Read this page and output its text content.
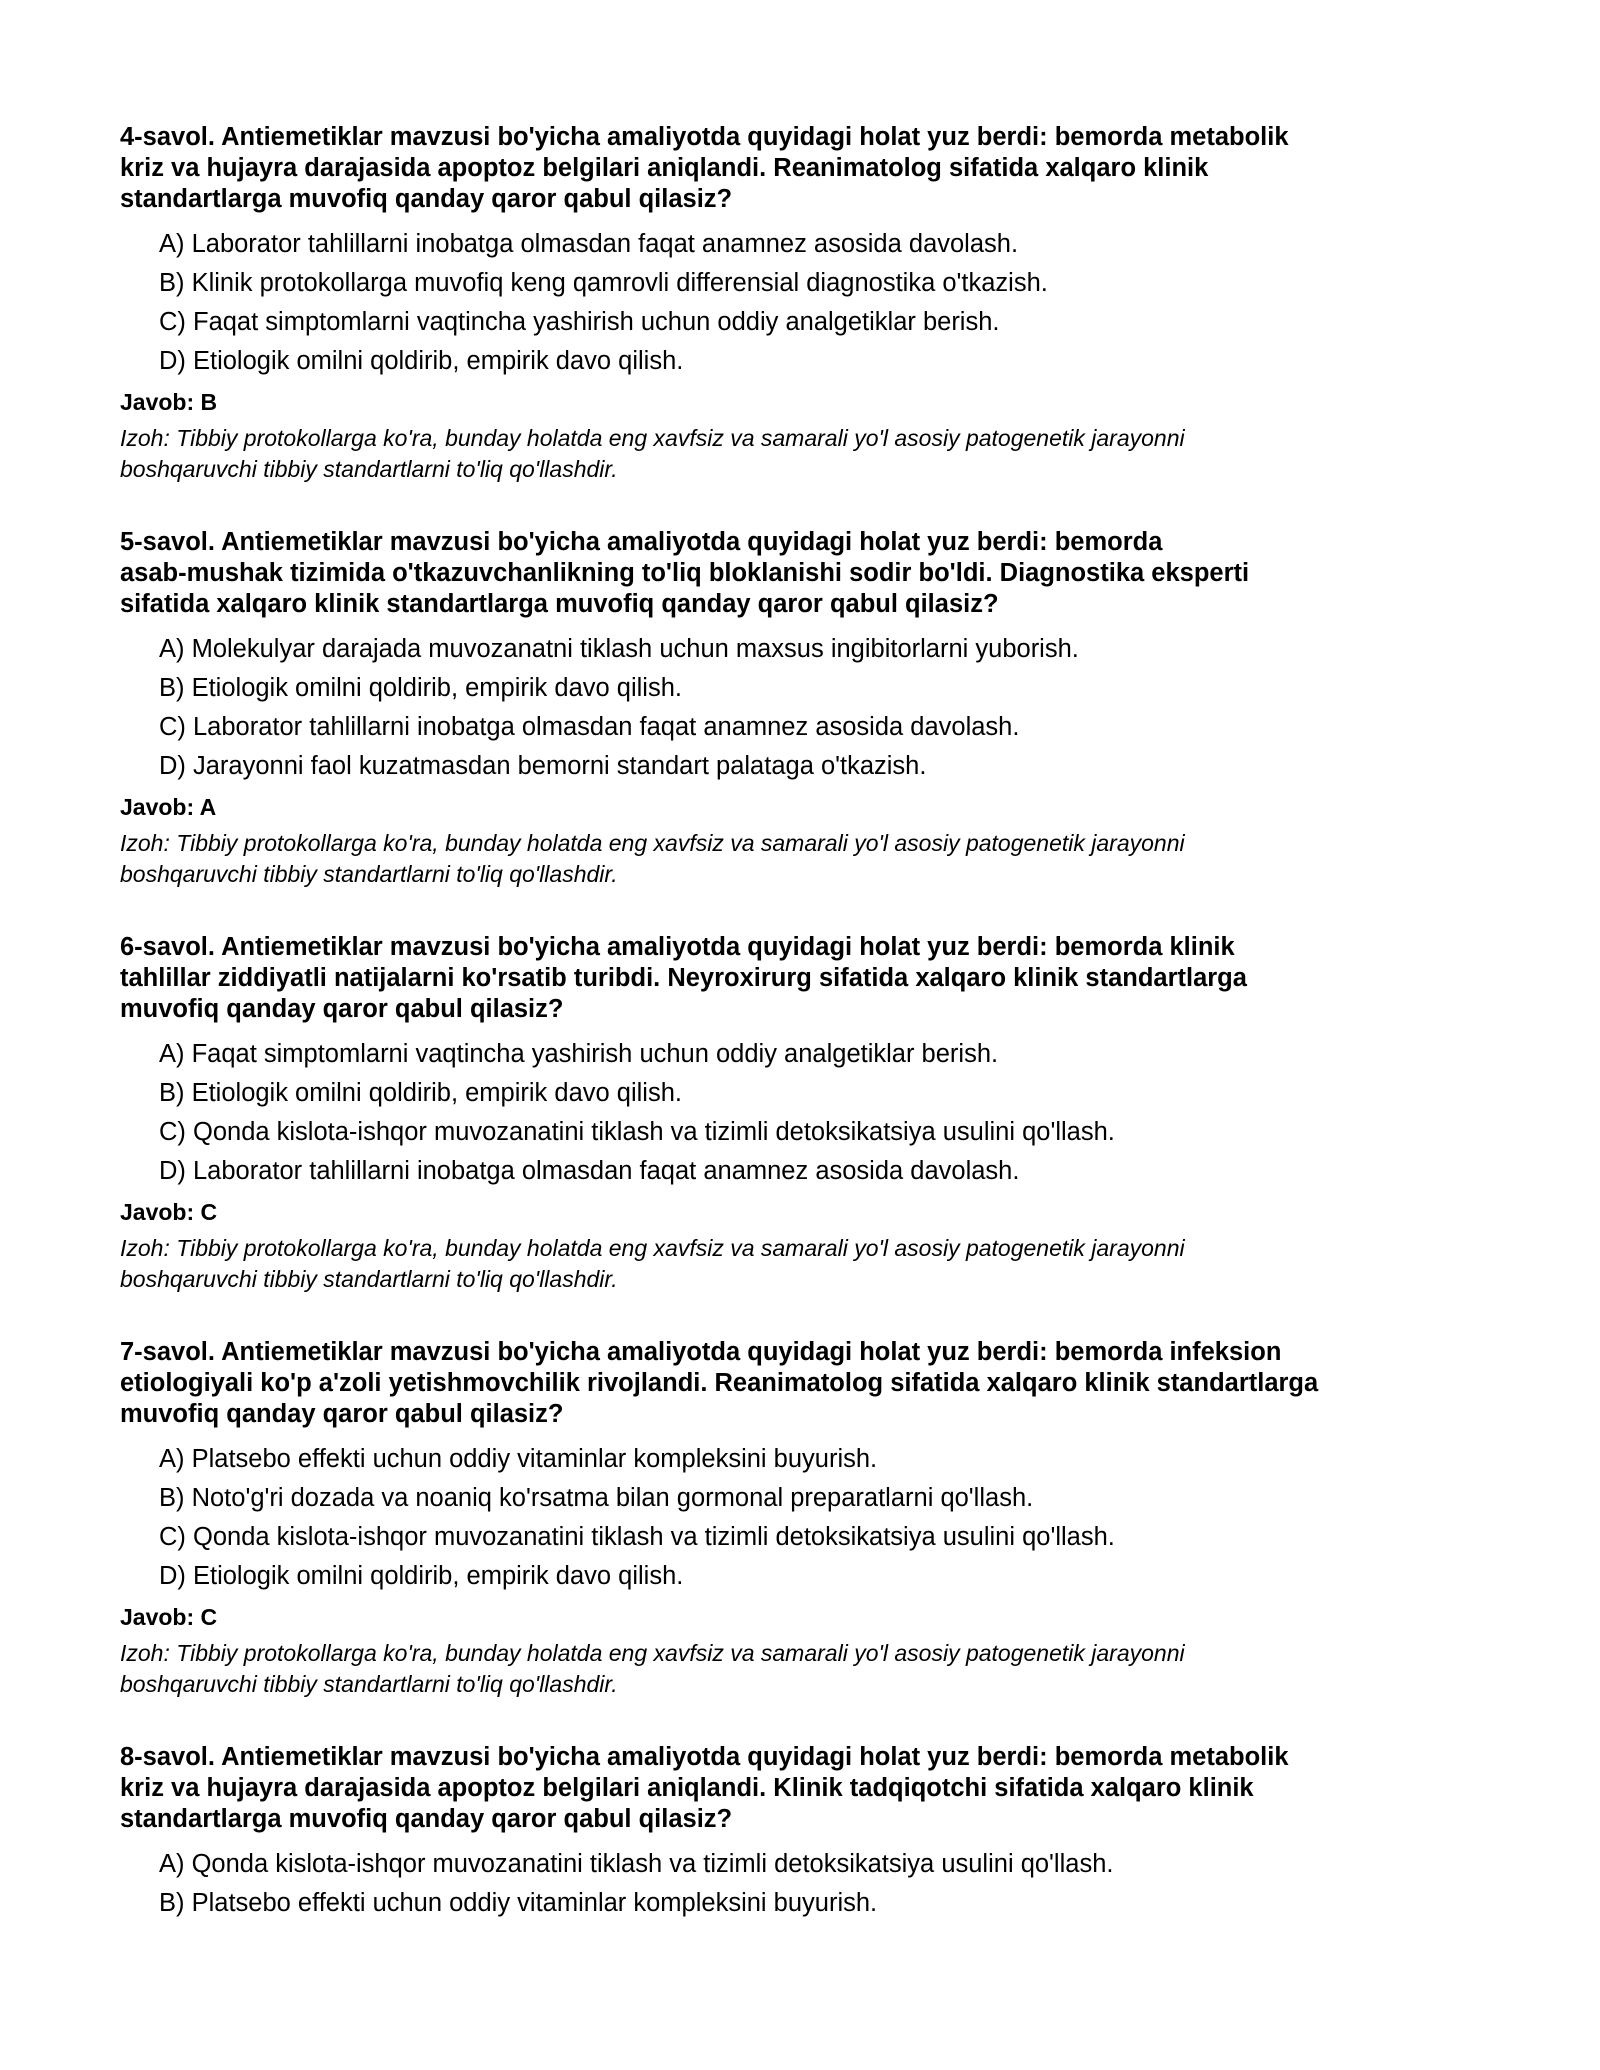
4-savol. Antiemetiklar mavzusi bo'yicha amaliyotda quyidagi holat yuz berdi: bemorda metabolik
kriz va hujayra darajasida apoptoz belgilari aniqlandi. Reanimatolog sifatida xalqaro klinik
standartlarga muvofiq qanday qaror qabul qilasiz?

A) Laborator tahlillarni inobatga olmasdan faqat anamnez asosida davolash.
B) Klinik protokollarga muvofiq keng qamrovli differensial diagnostika o'tkazish.
C) Faqat simptomlarni vaqtincha yashirish uchun oddiy analgetiklar berish.
D) Etiologik omilni qoldirib, empirik davo qilish.

Javob: B

Izoh: Tibbiy protokollarga ko'ra, bunday holatda eng xavfsiz va samarali yo'l asosiy patogenetik jarayonni
boshqaruvchi tibbiy standartlarni to'liq qo'llashdir.

5-savol. Antiemetiklar mavzusi bo'yicha amaliyotda quyidagi holat yuz berdi: bemorda
asab-mushak tizimida o'tkazuvchanlikning to'liq bloklanishi sodir bo'ldi. Diagnostika eksperti
sifatida xalqaro klinik standartlarga muvofiq qanday qaror qabul qilasiz?

A) Molekulyar darajada muvozanatni tiklash uchun maxsus ingibitorlarni yuborish.
B) Etiologik omilni qoldirib, empirik davo qilish.
C) Laborator tahlillarni inobatga olmasdan faqat anamnez asosida davolash.
D) Jarayonni faol kuzatmasdan bemorni standart palataga o'tkazish.

Javob: A

Izoh: Tibbiy protokollarga ko'ra, bunday holatda eng xavfsiz va samarali yo'l asosiy patogenetik jarayonni
boshqaruvchi tibbiy standartlarni to'liq qo'llashdir.

6-savol. Antiemetiklar mavzusi bo'yicha amaliyotda quyidagi holat yuz berdi: bemorda klinik
tahlillar ziddiyatli natijalarni ko'rsatib turibdi. Neyroxirurg sifatida xalqaro klinik standartlarga
muvofiq qanday qaror qabul qilasiz?

A) Faqat simptomlarni vaqtincha yashirish uchun oddiy analgetiklar berish.
B) Etiologik omilni qoldirib, empirik davo qilish.
C) Qonda kislota-ishqor muvozanatini tiklash va tizimli detoksikatsiya usulini qo'llash.
D) Laborator tahlillarni inobatga olmasdan faqat anamnez asosida davolash.

Javob: C

Izoh: Tibbiy protokollarga ko'ra, bunday holatda eng xavfsiz va samarali yo'l asosiy patogenetik jarayonni
boshqaruvchi tibbiy standartlarni to'liq qo'llashdir.

7-savol. Antiemetiklar mavzusi bo'yicha amaliyotda quyidagi holat yuz berdi: bemorda infeksion
etiologiyali ko'p a'zoli yetishmovchilik rivojlandi. Reanimatolog sifatida xalqaro klinik standartlarga
muvofiq qanday qaror qabul qilasiz?

A) Platsebo effekti uchun oddiy vitaminlar kompleksini buyurish.
B) Noto'g'ri dozada va noaniq ko'rsatma bilan gormonal preparatlarni qo'llash.
C) Qonda kislota-ishqor muvozanatini tiklash va tizimli detoksikatsiya usulini qo'llash.
D) Etiologik omilni qoldirib, empirik davo qilish.

Javob: C

Izoh: Tibbiy protokollarga ko'ra, bunday holatda eng xavfsiz va samarali yo'l asosiy patogenetik jarayonni
boshqaruvchi tibbiy standartlarni to'liq qo'llashdir.

8-savol. Antiemetiklar mavzusi bo'yicha amaliyotda quyidagi holat yuz berdi: bemorda metabolik
kriz va hujayra darajasida apoptoz belgilari aniqlandi. Klinik tadqiqotchi sifatida xalqaro klinik
standartlarga muvofiq qanday qaror qabul qilasiz?

A) Qonda kislota-ishqor muvozanatini tiklash va tizimli detoksikatsiya usulini qo'llash.
B) Platsebo effekti uchun oddiy vitaminlar kompleksini buyurish.
